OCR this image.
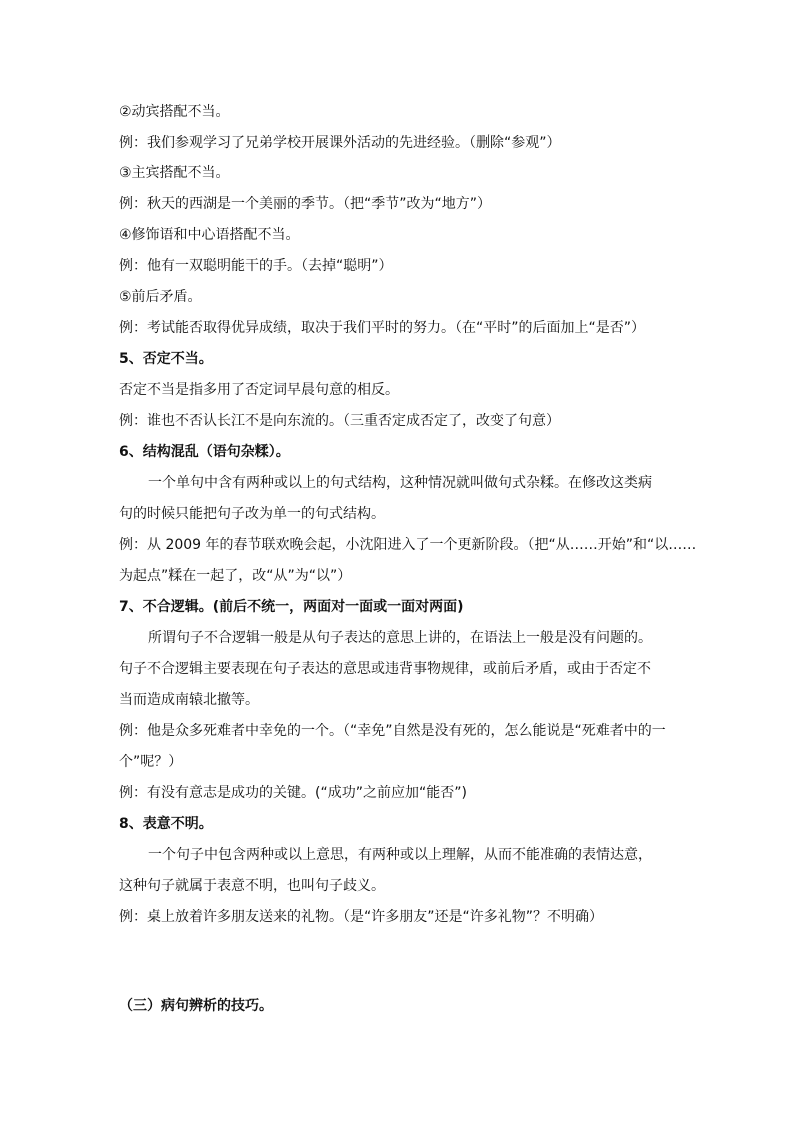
②动宾搭配不当。
例：我们参观学习了兄弟学校开展课外活动的先进经验。（删除“参观”）
③主宾搭配不当。
例：秋天的西湖是一个美丽的季节。（把“季节”改为“地方”）
④修饰语和中心语搭配不当。
例：他有一双聪明能干的手。（去掉“聪明”）
⑤前后矛盾。
例：考试能否取得优异成绩，取决于我们平时的努力。（在“平时”的后面加上“是否”）
5、否定不当。
否定不当是指多用了否定词早晨句意的相反。
例：谁也不否认长江不是向东流的。（三重否定成否定了，改变了句意）
6、结构混乱（语句杂糅）。
一个单句中含有两种或以上的句式结构，这种情况就叫做句式杂糅。在修改这类病
句的时候只能把句子改为单一的句式结构。
例：从 2009 年的春节联欢晚会起，小沈阳进入了一个更新阶段。（把“从……开始”和“以……
为起点”糅在一起了，改“从”为“以”）
7、不合逻辑。(前后不统一，两面对一面或一面对两面)
所谓句子不合逻辑一般是从句子表达的意思上讲的，在语法上一般是没有问题的。
句子不合逻辑主要表现在句子表达的意思或违背事物规律，或前后矛盾，或由于否定不
当而造成南辕北撤等。
例：他是众多死难者中幸免的一个。（“幸免”自然是没有死的，怎么能说是“死难者中的一
个”呢？）
例：有没有意志是成功的关键。(“成功”之前应加“能否”)
8、表意不明。
一个句子中包含两种或以上意思，有两种或以上理解，从而不能准确的表情达意，
这种句子就属于表意不明，也叫句子歧义。
例：桌上放着许多朋友送来的礼物。（是“许多朋友”还是“许多礼物”？不明确）
（三）病句辨析的技巧。
